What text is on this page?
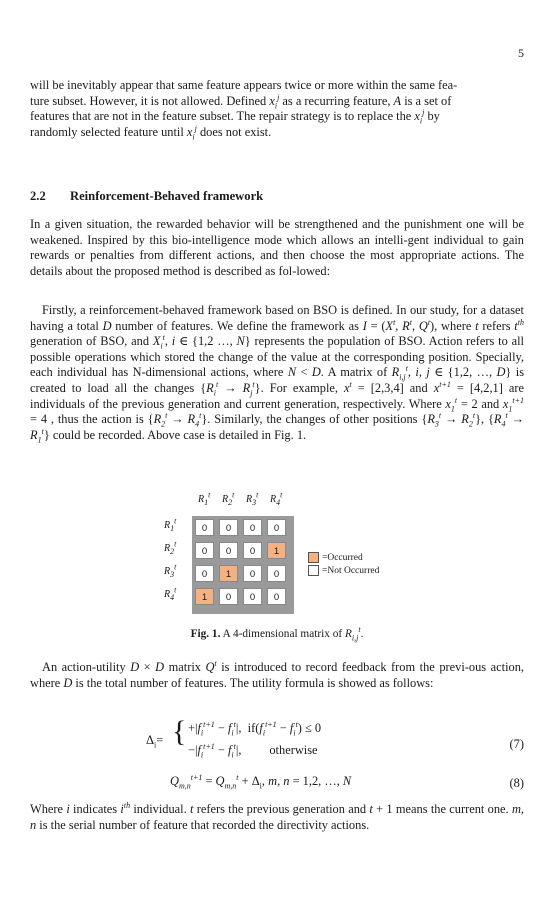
5

will be inevitably appear that same feature appears twice or more within the same fea-
ture subset. However, it is not allowed. Defined $x_i^j$ as a recurring feature, A is a set of
features that are not in the feature subset. The repair strategy is to replace the $x_i^j$ by
randomly selected feature until $x_i^j$ does not exist.

2.2 Reinforcement-Behaved framework

In a given situation, the rewarded behavior will be strengthened and the punishment one will be weakened. Inspired by this bio-intelligence mode which allows an intelli-gent individual to gain rewards or penalties from different actions, and then choose the most appropriate actions. The details about the proposed method is described as fol-lowed:

Firstly, a reinforcement-behaved framework based on BSO is defined. In our study, for a dataset having a total D number of features. We define the framework as $I = (X^t$, $R^t$, $Q^t$), where t refers $t^{th}$ generation of BSO, and $X_i^t$, i ∈ {1,2 …, N} represents the population of BSO. Action refers to all possible operations which stored the change of the value at the corresponding position. Specially, each individual has N-dimensional actions, where N < D. A matrix of $R_{i,j}^t$, i, j ∈ {1,2, …, D} is created to load all the changes $\{R_i^t \to R_j^t\}$. For example, $x^t = [2,3,4]$ and $x^{t+1} = [4,2,1]$ are individuals of the previous generation and current generation, respectively. Where $x_1^t = 2$ and $x_1^{t+1} = 4$ , thus the action is $\{R_2^t \to R_4^t\}$. Similarly, the changes of other positions $\{R_3^t \to R_2^t\}$, $\{R_4^t \to R_1^t\}$ could be recorded. Above case is detailed in Fig. 1.

0	0	0	0
0	0	0	1
0	1	0	0
1	0	0	0
=Occurred
=Not Occurred
$R_1^t$ $R_2^t$ $R_3^t$ $R_4^t$
$R_1^t$
$R_2^t$
$R_3^t$
$R_4^t$
Fig. 1. A 4-dimensional matrix of $R_{i,j}^t$.

An action-utility D × D matrix $Q^t$ is introduced to record feedback from the previ-ous action, where D is the total number of features. The utility formula is showed as follows:

$\Delta_i=$ { $+|f_i^{t+1} - f_i^t|$,  $if(f_i^{t+1} - f_i^t) \le 0$
$-|f_i^{t+1} - f_i^t|$,         otherwise	(7)
$Q_{m,n}^{t+1} = Q_{m,n}^t + \Delta_i$, m, n = 1,2, …, N	(8)

Where i indicates $i^{th}$ individual. t refers the previous generation and t + 1 means the current one. m, n is the serial number of feature that recorded the directivity actions.
